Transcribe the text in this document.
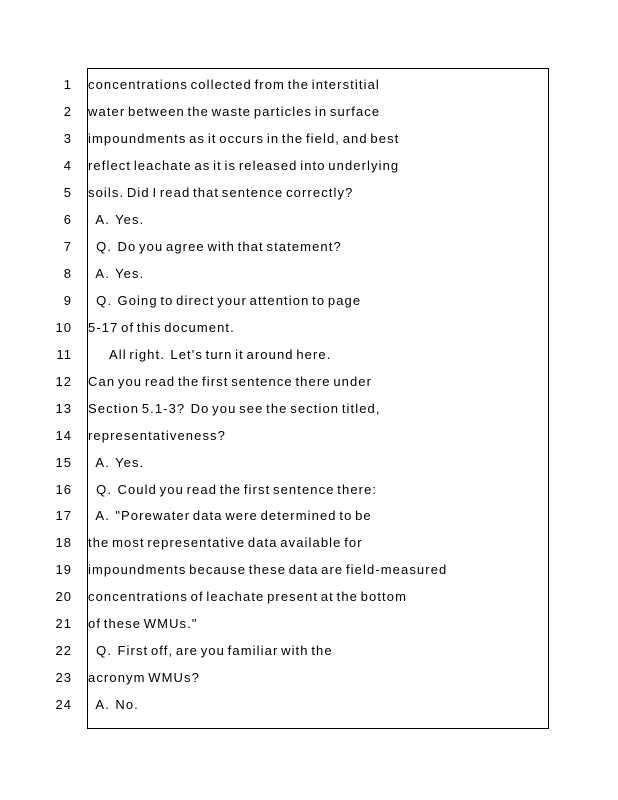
1 concentrations collected from the interstitial
2 water between the waste particles in surface
3 impoundments as it occurs in the field, and best
4 reflect leachate as it is released into underlying
5 soils. Did I read that sentence correctly?
6 A.  Yes.
7 Q.  Do you agree with that statement?
8 A.  Yes.
9 Q.  Going to direct your attention to page
10 5-17 of this document.
11 All right.  Let's turn it around here.
12 Can you read the first sentence there under
13 Section 5.1-3?  Do you see the section titled,
14 representativeness?
15 A.  Yes.
16 Q.  Could you read the first sentence there:
17 A.  "Porewater data were determined to be
18 the most representative data available for
19 impoundments because these data are field-measured
20 concentrations of leachate present at the bottom
21 of these WMUs."
22 Q.  First off, are you familiar with the
23 acronym WMUs?
24 A.  No.
